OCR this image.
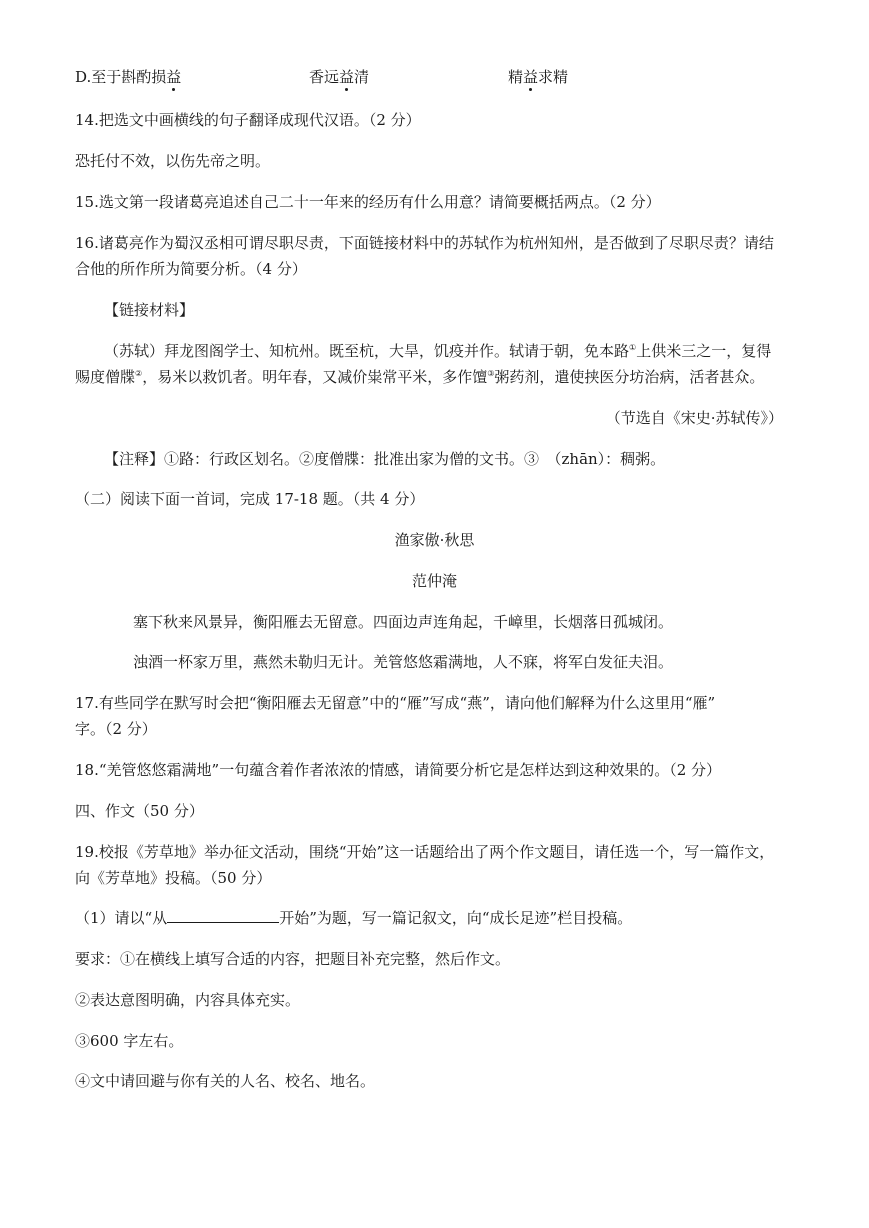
D.至于斟酌损益	香远益清	精益求精
14.把选文中画横线的句子翻译成现代汉语。（2 分）
恐托付不效，以伤先帝之明。
15.选文第一段诸葛亮追述自己二十一年来的经历有什么用意？请简要概括两点。（2 分）
16.诸葛亮作为蜀汉丞相可谓尽职尽责，下面链接材料中的苏轼作为杭州知州，是否做到了尽职尽责？请结
合他的所作所为简要分析。（4 分）
【链接材料】
（苏轼）拜龙图阁学士、知杭州。既至杭，大旱，饥疫并作。轼请于朝，免本路①上供米三之一，复得
赐度僧牒②，易米以救饥者。明年春，又减价粜常平米，多作𫗴③粥药剂，遣使挟医分坊治病，活者甚众。
（节选自《宋史·苏轼传》）
【注释】①路：行政区划名。②度僧牒：批准出家为僧的文书。③　（zhān）：稠粥。
（二）阅读下面一首词，完成 17-18 题。（共 4 分）
渔家傲·秋思
范仲淹
塞下秋来风景异，衡阳雁去无留意。四面边声连角起，千嶂里，长烟落日孤城闭。
浊酒一杯家万里，燕然未勒归无计。羌管悠悠霜满地，人不寐，将军白发征夫泪。
17.有些同学在默写时会把“衡阳雁去无留意”中的“雁”写成“燕”，请向他们解释为什么这里用“雁”
字。（2 分）
18.“羌管悠悠霜满地”一句蕴含着作者浓浓的情感，请简要分析它是怎样达到这种效果的。（2 分）
四、作文（50 分）
19.校报《芳草地》举办征文活动，围绕“开始”这一话题给出了两个作文题目，请任选一个，写一篇作文，
向《芳草地》投稿。（50 分）
（1）请以“从	开始”为题，写一篇记叙文，向“成长足迹”栏目投稿。
要求：①在横线上填写合适的内容，把题目补充完整，然后作文。
②表达意图明确，内容具体充实。
③600 字左右。
④文中请回避与你有关的人名、校名、地名。
